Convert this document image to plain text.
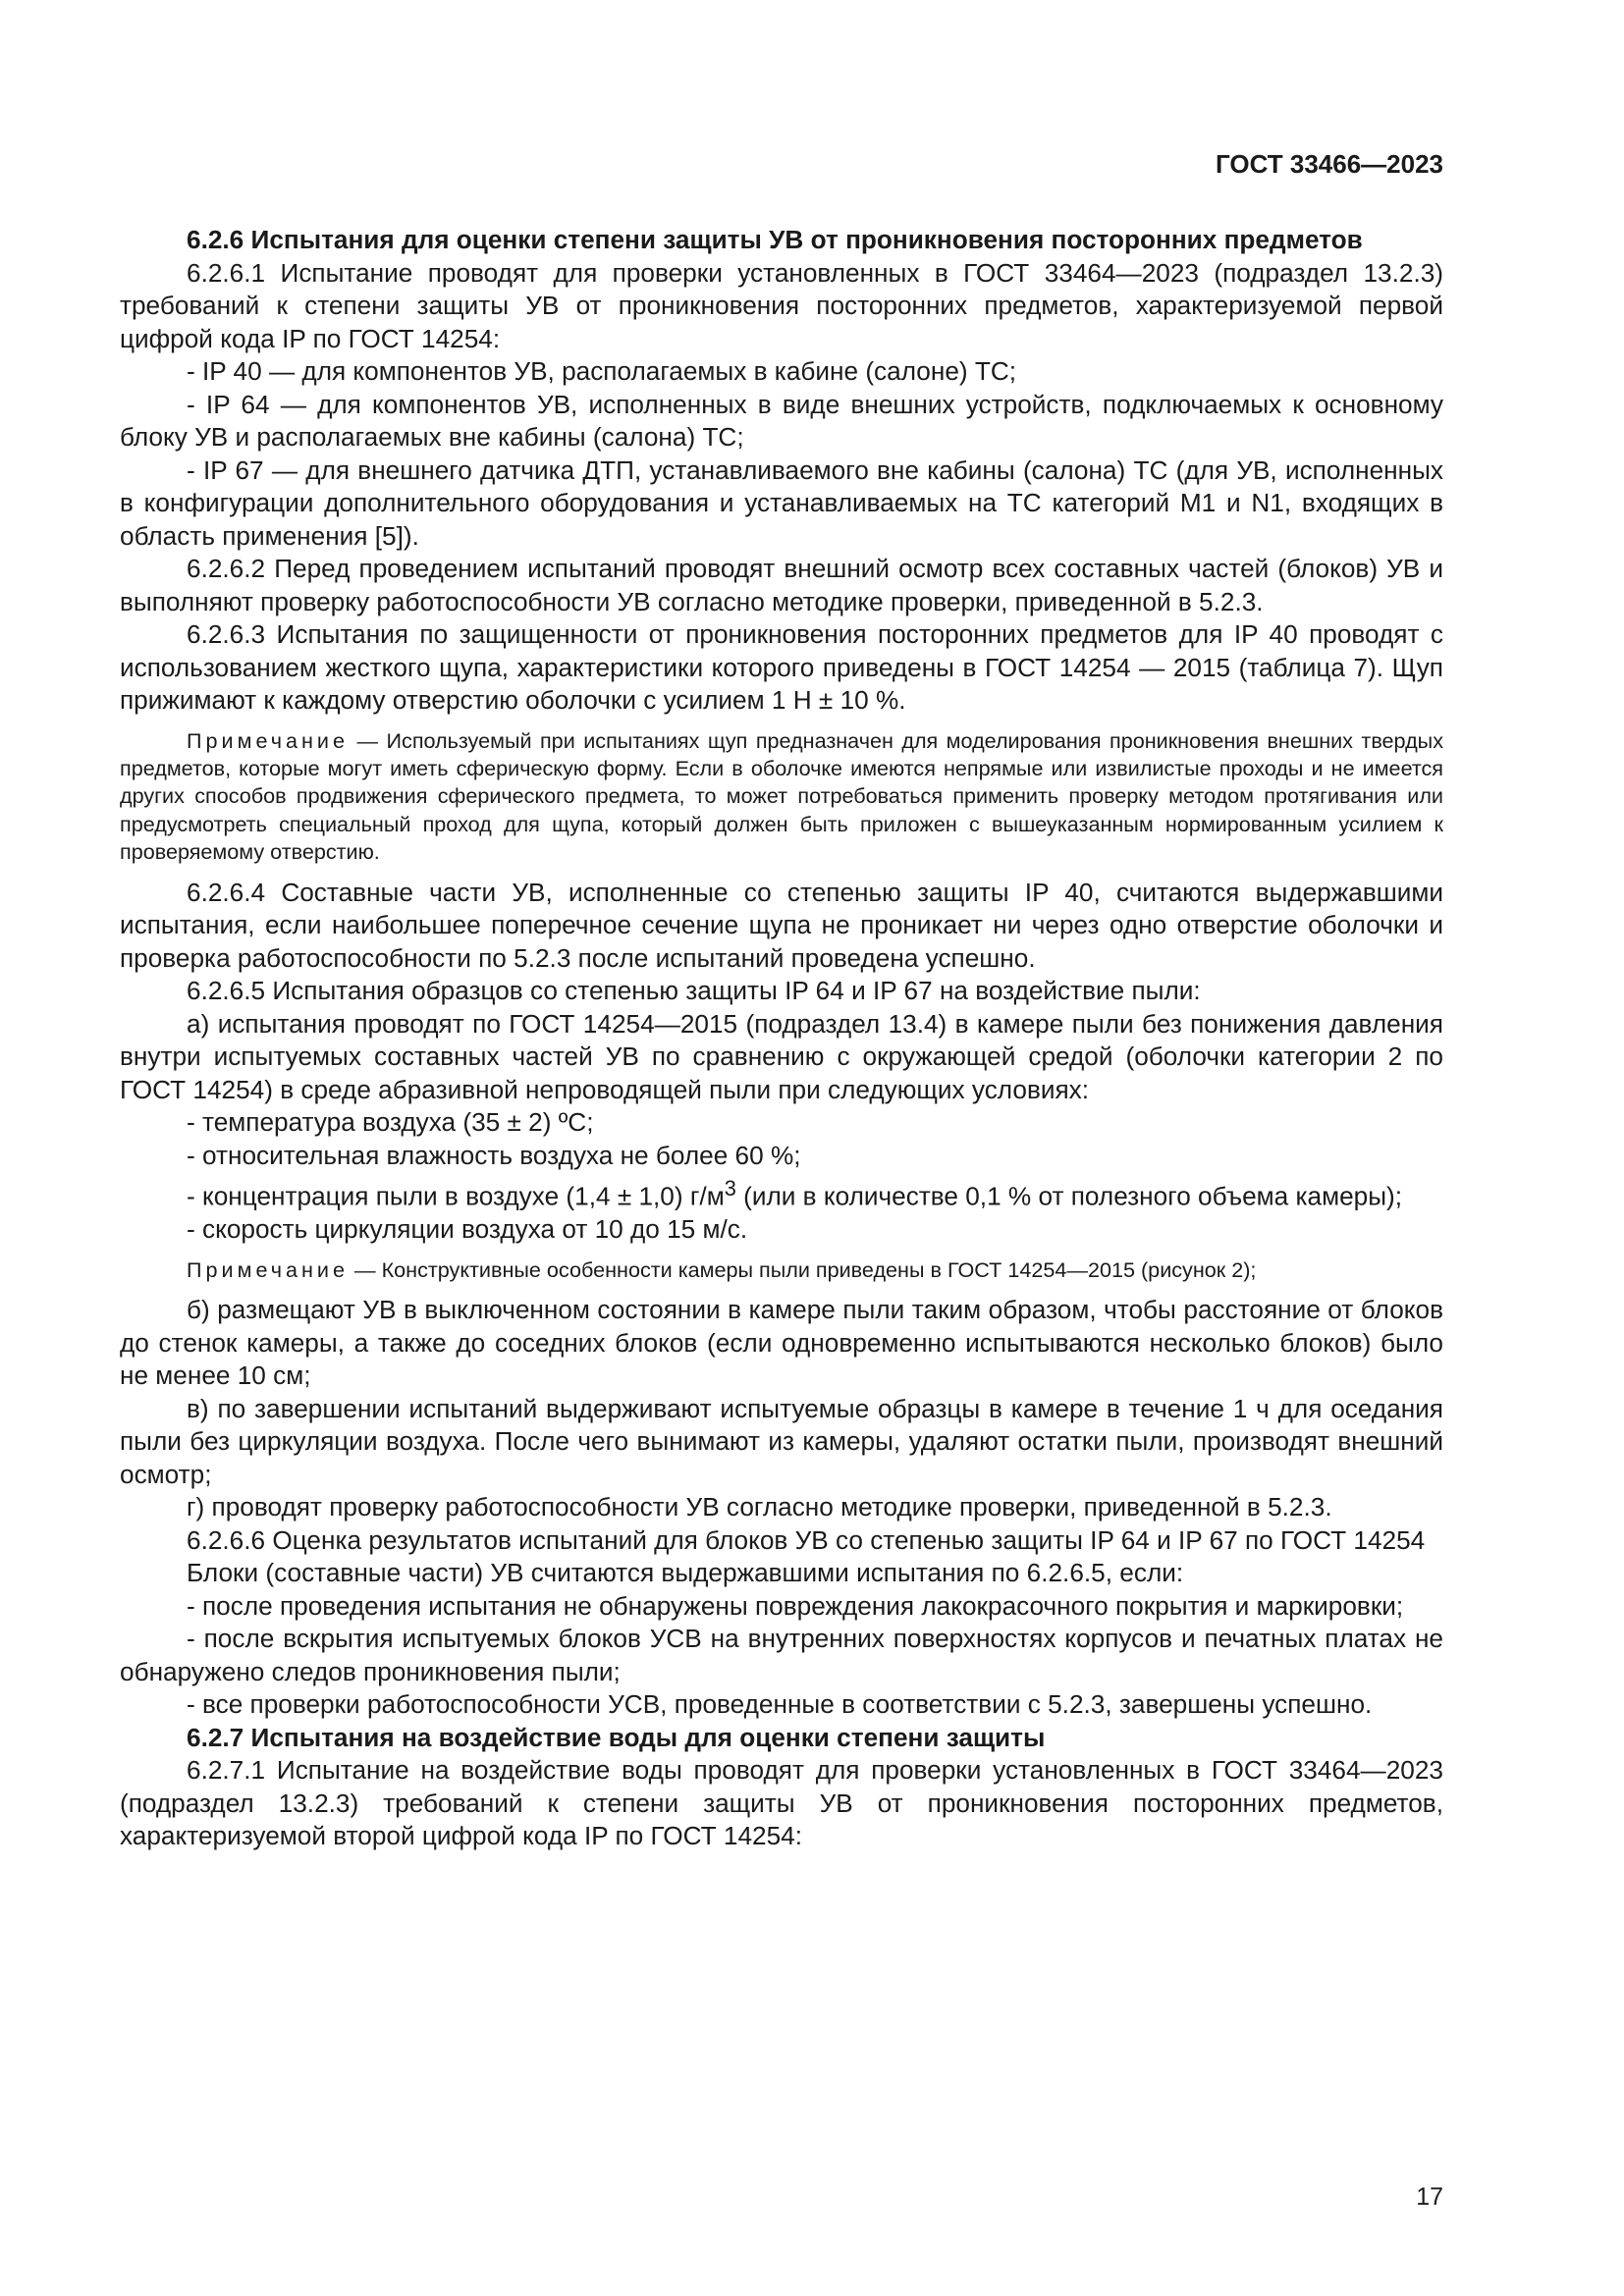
ГОСТ 33466—2023

6.2.6 Испытания для оценки степени защиты УВ от проникновения посторонних предметов

6.2.6.1 Испытание проводят для проверки установленных в ГОСТ 33464—2023 (подраздел 13.2.3) требований к степени защиты УВ от проникновения посторонних предметов, характеризуемой первой цифрой кода IP по ГОСТ 14254:

- IP 40 — для компонентов УВ, располагаемых в кабине (салоне) ТС;

- IP 64 — для компонентов УВ, исполненных в виде внешних устройств, подключаемых к основному блоку УВ и располагаемых вне кабины (салона) ТС;

- IP 67 — для внешнего датчика ДТП, устанавливаемого вне кабины (салона) ТС (для УВ, исполненных в конфигурации дополнительного оборудования и устанавливаемых на ТС категорий M1 и N1, входящих в область применения [5]).

6.2.6.2 Перед проведением испытаний проводят внешний осмотр всех составных частей (блоков) УВ и выполняют проверку работоспособности УВ согласно методике проверки, приведенной в 5.2.3.

6.2.6.3 Испытания по защищенности от проникновения посторонних предметов для IP 40 проводят с использованием жесткого щупа, характеристики которого приведены в ГОСТ 14254 — 2015 (таблица 7). Щуп прижимают к каждому отверстию оболочки с усилием 1 Н ± 10 %.

Примечание — Используемый при испытаниях щуп предназначен для моделирования проникновения внешних твердых предметов, которые могут иметь сферическую форму. Если в оболочке имеются непрямые или извилистые проходы и не имеется других способов продвижения сферического предмета, то может потребоваться применить проверку методом протягивания или предусмотреть специальный проход для щупа, который должен быть приложен с вышеуказанным нормированным усилием к проверяемому отверстию.

6.2.6.4 Составные части УВ, исполненные со степенью защиты IP 40, считаются выдержавшими испытания, если наибольшее поперечное сечение щупа не проникает ни через одно отверстие оболочки и проверка работоспособности по 5.2.3 после испытаний проведена успешно.

6.2.6.5 Испытания образцов со степенью защиты IP 64 и IP 67 на воздействие пыли:

а) испытания проводят по ГОСТ 14254—2015 (подраздел 13.4) в камере пыли без понижения давления внутри испытуемых составных частей УВ по сравнению с окружающей средой (оболочки категории 2 по ГОСТ 14254) в среде абразивной непроводящей пыли при следующих условиях:

- температура воздуха (35 ± 2) ºС;

- относительная влажность воздуха не более 60 %;

- концентрация пыли в воздухе (1,4 ± 1,0) $г/м^3$ (или в количестве 0,1 % от полезного объема камеры);

- скорость циркуляции воздуха от 10 до 15 м/с.

Примечание — Конструктивные особенности камеры пыли приведены в ГОСТ 14254—2015 (рисунок 2);

б) размещают УВ в выключенном состоянии в камере пыли таким образом, чтобы расстояние от блоков до стенок камеры, а также до соседних блоков (если одновременно испытываются несколько блоков) было не менее 10 см;

в) по завершении испытаний выдерживают испытуемые образцы в камере в течение 1 ч для оседания пыли без циркуляции воздуха. После чего вынимают из камеры, удаляют остатки пыли, производят внешний осмотр;

г) проводят проверку работоспособности УВ согласно методике проверки, приведенной в 5.2.3.

6.2.6.6 Оценка результатов испытаний для блоков УВ со степенью защиты IP 64 и IP 67 по ГОСТ 14254

Блоки (составные части) УВ считаются выдержавшими испытания по 6.2.6.5, если:

- после проведения испытания не обнаружены повреждения лакокрасочного покрытия и маркировки;

- после вскрытия испытуемых блоков УСВ на внутренних поверхностях корпусов и печатных платах не обнаружено следов проникновения пыли;

- все проверки работоспособности УСВ, проведенные в соответствии с 5.2.3, завершены успешно.

6.2.7 Испытания на воздействие воды для оценки степени защиты

6.2.7.1 Испытание на воздействие воды проводят для проверки установленных в ГОСТ 33464—2023 (подраздел 13.2.3) требований к степени защиты УВ от проникновения посторонних предметов, характеризуемой второй цифрой кода IP по ГОСТ 14254:

17
